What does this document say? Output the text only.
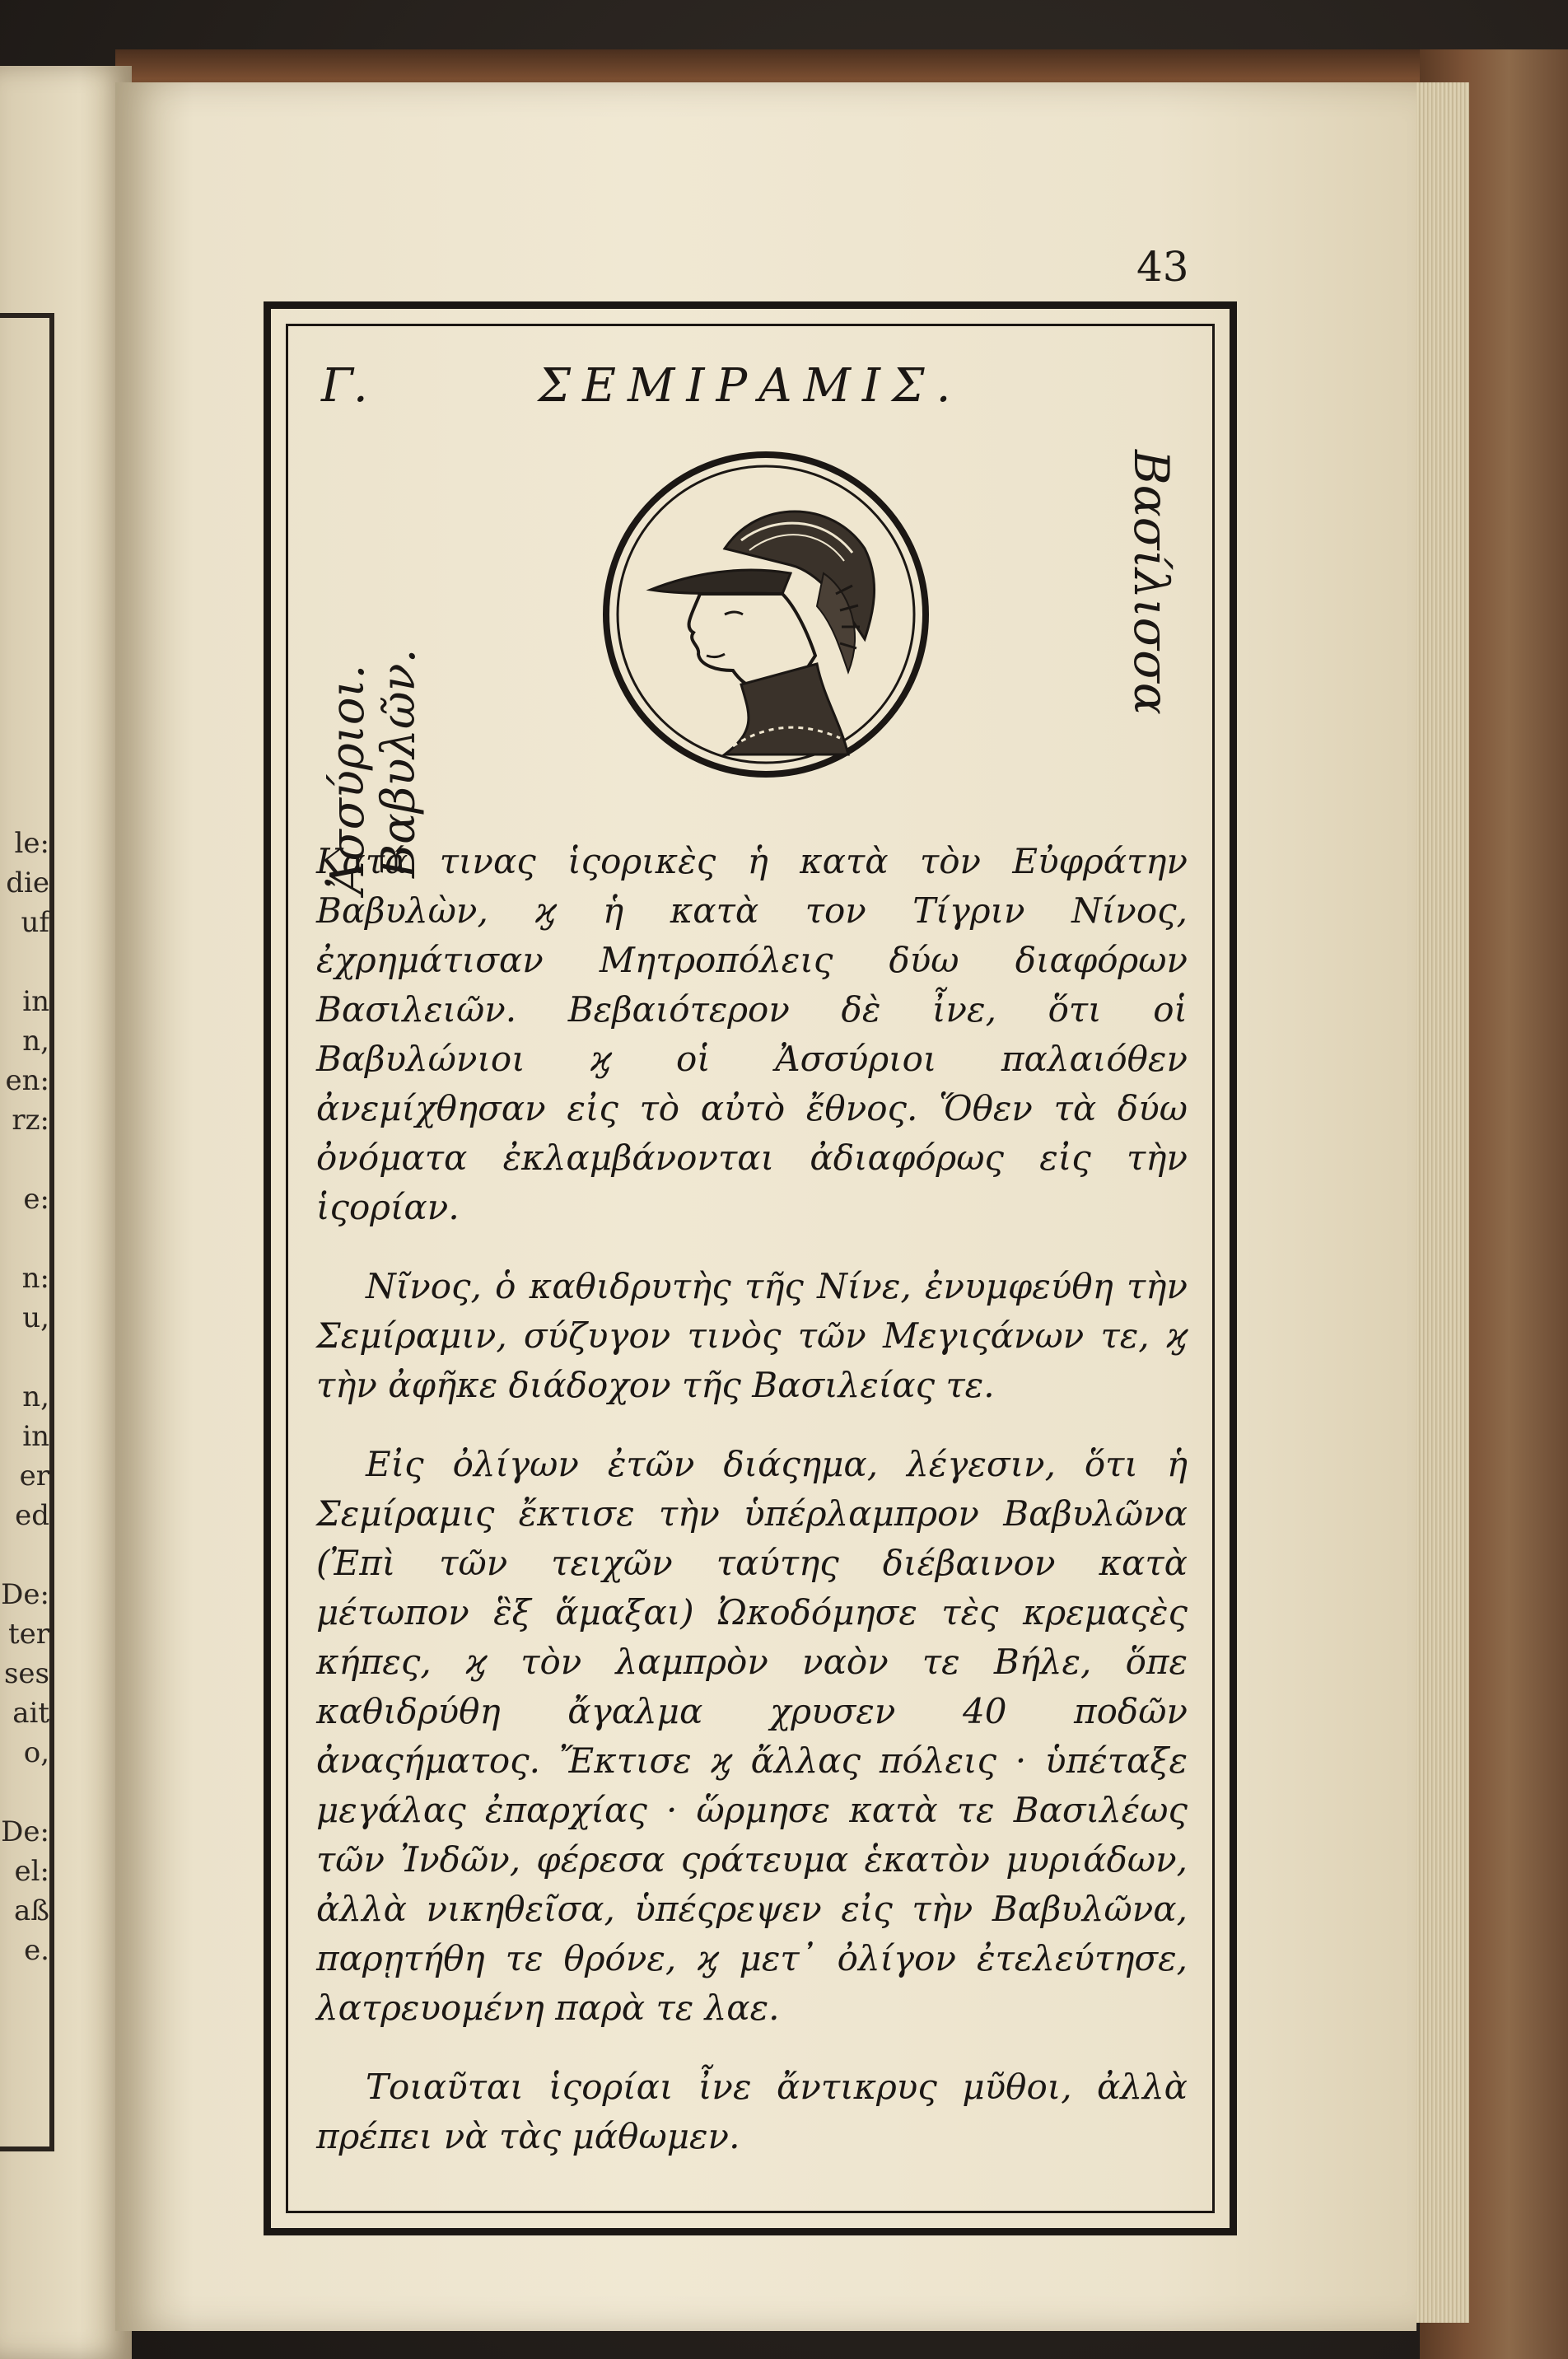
le:
die
uf

in
n,
en:
rz:

e:

n:
u,

n,
in
er
ed

De:
ter
ses
ait
o,

De:
el:
aß
e.
43
Γ.	ΣΕΜΙΡΑΜΙΣ.
Ἀσσύριοι.
Βαβυλῶν.
Βασίλισσα

Κατά τινας ἱςορικὲς ἡ κατὰ τὸν Εὐφράτην Βαβυλὼν, ϗ ἡ κατὰ τον Τίγριν Νίνος, ἐχρημάτισαν Μητροπόλεις δύω διαφόρων Βασιλειῶν. Βεβαιότερον δὲ ἶνε, ὅτι οἱ Βαβυλώνιοι ϗ οἱ Ἀσσύριοι παλαιόθεν ἀνεμίχθησαν εἰς τὸ αὐτὸ ἔθνος. Ὅθεν τὰ δύω ὀνόματα ἐκλαμβάνονται ἀδιαφόρως εἰς τὴν ἱςορίαν.

Νῖνος, ὁ καθιδρυτὴς τῆς Νίνε, ἐνυμφεύθη τὴν Σεμίραμιν, σύζυγον τινὸς τῶν Μεγιςάνων τε, ϗ τὴν ἀφῆκε διάδοχον τῆς Βασιλείας τε.

Εἰς ὀλίγων ἐτῶν διάςημα, λέγεσιν, ὅτι ἡ Σεμίραμις ἔκτισε τὴν ὑπέρλαμπρον Βαβυλῶνα (Ἐπὶ τῶν τειχῶν ταύτης διέβαινον κατὰ μέτωπον ἓξ ἅμαξαι) Ὠκοδόμησε τὲς κρεμαςὲς κήπες, ϗ τὸν λαμπρὸν ναὸν τε Βήλε, ὅπε καθιδρύθη ἄγαλμα χρυσεν 40 ποδῶν ἀναςήματος. Ἔκτισε ϗ ἄλλας πόλεις · ὑπέταξε μεγάλας ἐπαρχίας · ὥρμησε κατὰ τε Βασιλέως τῶν Ἰνδῶν, φέρεσα ςράτευμα ἑκατὸν μυριάδων, ἀλλὰ νικηθεῖσα, ὑπέςρεψεν εἰς τὴν Βαβυλῶνα, παρῃτήθη τε θρόνε, ϗ μετ᾽ ὀλίγον ἐτελεύτησε, λατρευομένη παρὰ τε λαε.

Τοιαῦται ἱςορίαι ἶνε ἄντικρυς μῦθοι, ἀλλὰ πρέπει νὰ τὰς μάθωμεν.
